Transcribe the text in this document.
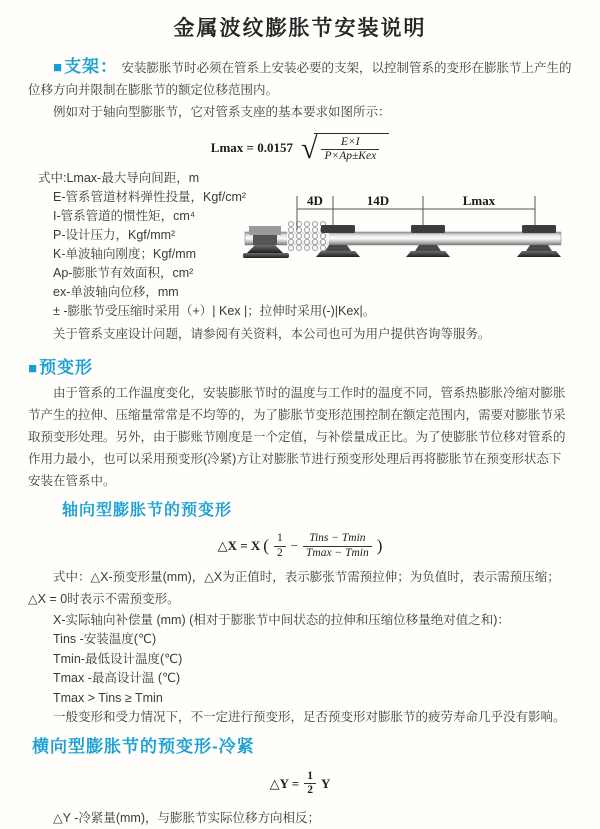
金属波纹膨胀节安装说明

■支架： 安装膨胀节时必须在管系上安装必要的支架，以控制管系的变形在膨胀节上产生的位移方向并限制在膨胀节的额定位移范围内。

例如对于轴向型膨胀节，它对管系支座的基本要求如图所示：

Lmax = 0.0157 √ $\frac{E\times I}{\text{P×Ap±Kex}}$

式中:Lmax-最大导向间距，m

E-管系管道材料弹性投量，Kgf/cm²

I-管系管道的惯性矩，cm⁴

P-设计压力，Kgf/mm²

K-单波轴向刚度；Kgf/mm

Ap-膨胀节有效面积，cm²

ex-单波轴向位移，mm

± -膨胀节受压缩时采用（+）| Kex |；拉伸时采用(-)|Kex|。

关于管系支座设计问题，请参阅有关资料，本公司也可为用户提供咨询等服务。

■预变形

由于管系的工作温度变化，安装膨胀节时的温度与工作时的温度不同，管系热膨胀冷缩对膨胀节产生的拉伸、压缩量常常是不均等的，为了膨胀节变形范围控制在额定范围内，需要对膨胀节采取预变形处理。另外，由于膨账节刚度是一个定值，与补偿量成正比。为了使膨胀节位移对管系的作用力最小，也可以采用预变形(冷紧)方让对膨胀节进行预变形处理后再将膨胀节在预变形状态下安装在管系中。

轴向型膨胀节的预变形
△X = X ( $\frac{1}{2} - \frac{\text{Tins − Tmin}}{Tmax - Tmin}$ )

式中：△X-预变形量(mm)，△X为正值时，表示膨张节需预拉伸；为负值时，表示需预压缩；△X = 0时表示不需预变形。

X-实际轴向补偿量 (mm) (相对于膨胀节中间状态的拉伸和压缩位移量绝对值之和)：

Tins -安装温度(℃)

Tmin-最低设计温度(℃)

Tmax -最高设计温 (℃)

Tmax > Tins ≥ Tmin

一般变形和受力情况下，不一定进行预变形，足否预变形对膨胀节的疲劳寿命几乎没有影响。

横向型膨胀节的预变形-冷紧
△Y = $\frac{1}{2}$ Y

△Y -冷紧量(mm)，与膨胀节实际位移方向相反；

4D	14D	Lmax
